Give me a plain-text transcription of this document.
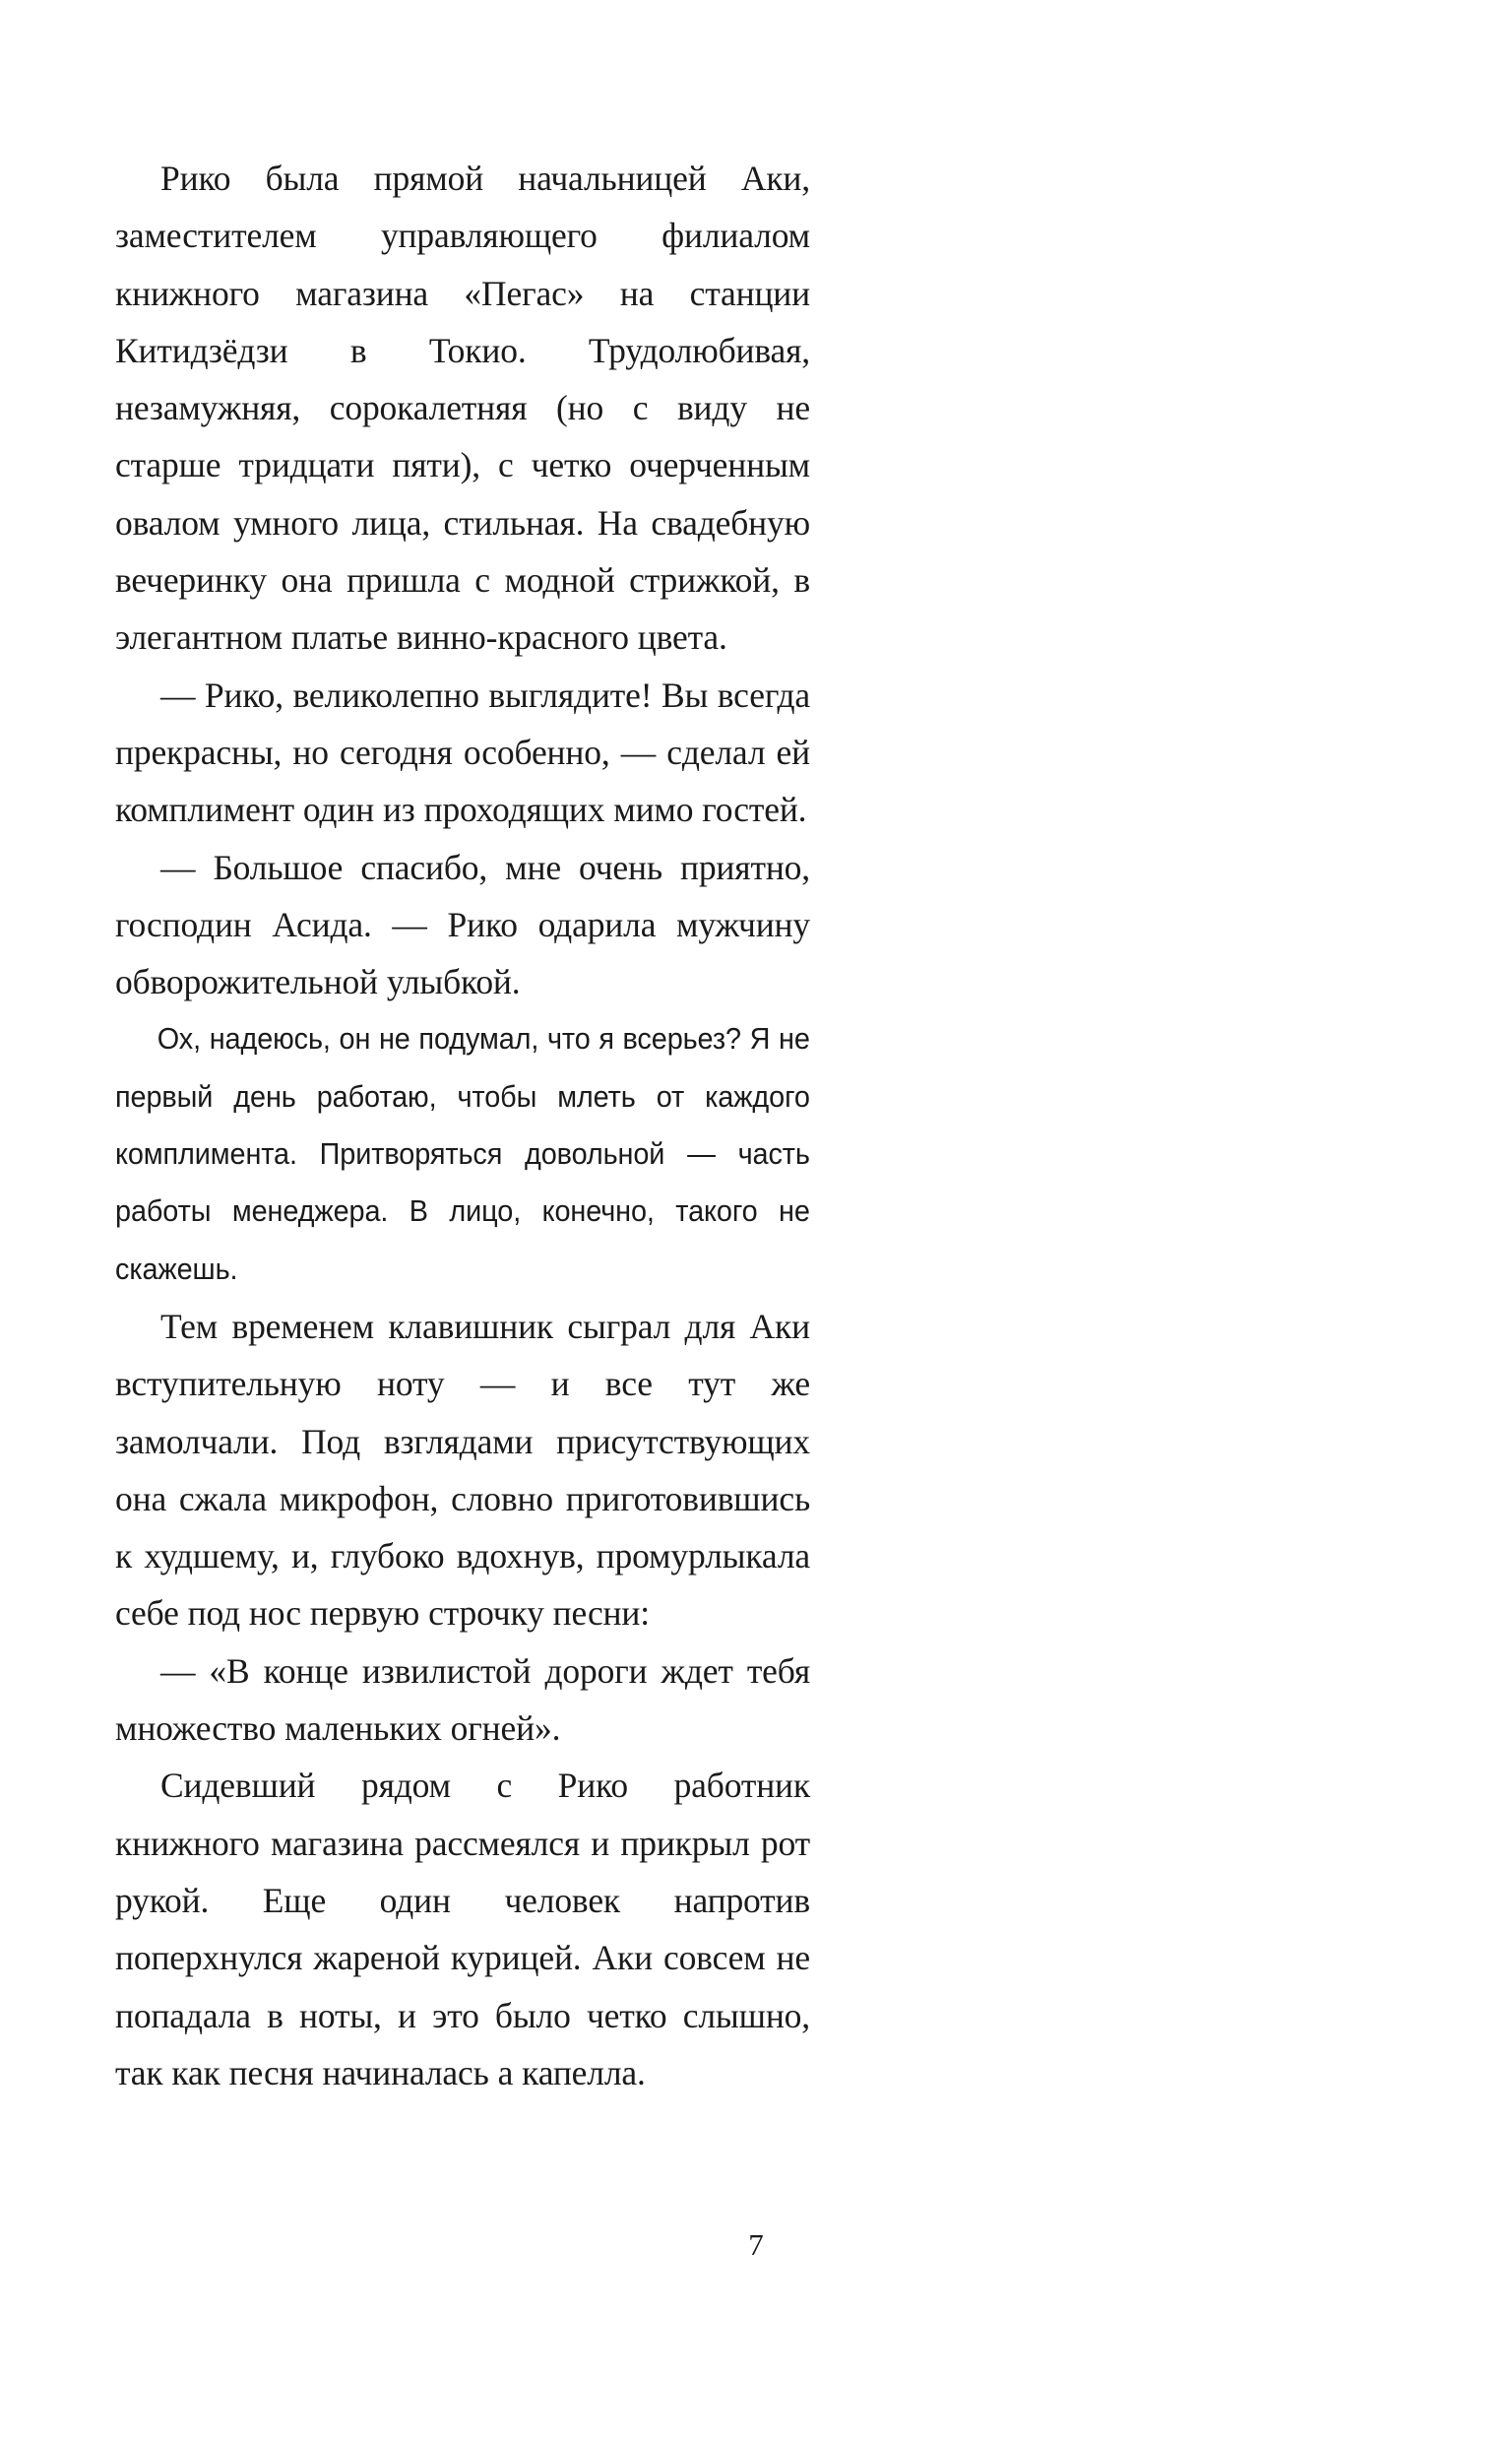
Рико была прямой начальницей Аки, заместителем управляющего филиалом книжного магазина «Пегас» на станции Китидзёдзи в Токио. Трудолюбивая, незамужняя, сорокалетняя (но с виду не старше тридцати пяти), с четко очерченным овалом умного лица, стильная. На свадебную вечеринку она пришла с модной стрижкой, в элегантном платье винно-красного цвета.

— Рико, великолепно выглядите! Вы всегда прекрасны, но сегодня особенно, — сделал ей комплимент один из проходящих мимо гостей.

— Большое спасибо, мне очень приятно, господин Асида. — Рико одарила мужчину обворожительной улыбкой.

Ох, надеюсь, он не подумал, что я всерьез? Я не первый день работаю, чтобы млеть от каждого комплимента. Притворяться довольной — часть работы менеджера. В лицо, конечно, такого не скажешь.

Тем временем клавишник сыграл для Аки вступительную ноту — и все тут же замолчали. Под взглядами присутствующих она сжала микрофон, словно приготовившись к худшему, и, глубоко вдохнув, промурлыкала себе под нос первую строчку песни:

— «В конце извилистой дороги ждет тебя множество маленьких огней».

Сидевший рядом с Рико работник книжного магазина рассмеялся и прикрыл рот рукой. Еще один человек напротив поперхнулся жареной курицей. Аки совсем не попадала в ноты, и это было четко слышно, так как песня начиналась а капелла.

7
